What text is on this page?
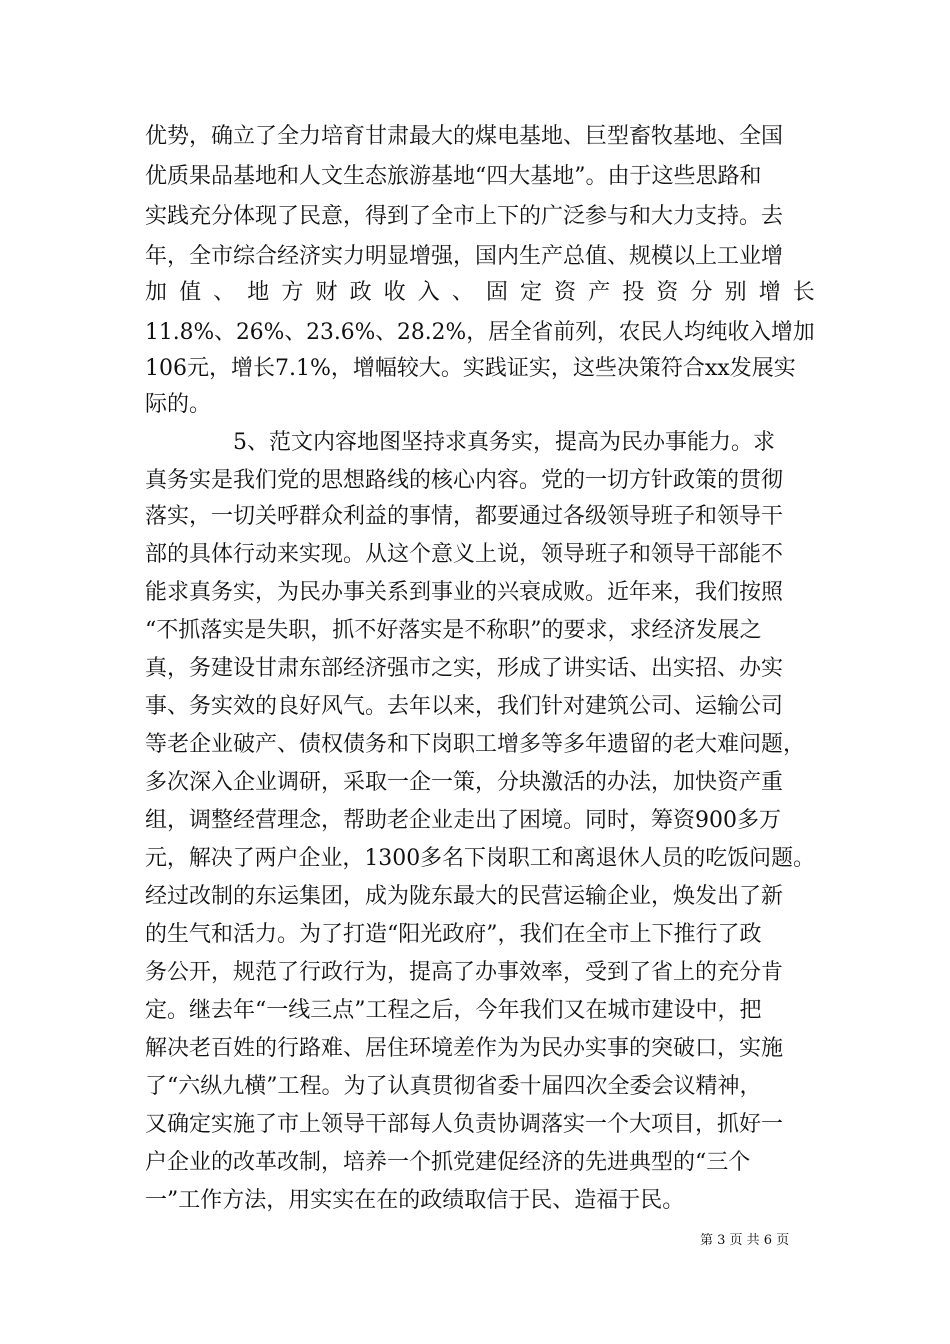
优势，确立了全力培育甘肃最大的煤电基地、巨型畜牧基地、全国
优质果品基地和人文生态旅游基地“四大基地”。由于这些思路和
实践充分体现了民意，得到了全市上下的广泛参与和大力支持。去
年，全市综合经济实力明显增强，国内生产总值、规模以上工业增
加 值 、 地 方 财 政 收 入 、 固 定 资 产 投 资 分 别 增 长
11.8%、26%、23.6%、28.2%，居全省前列，农民人均纯收入增加
106元，增长7.1%，增幅较大。实践证实，这些决策符合xx发展实
际的。
　　　　5、范文内容地图坚持求真务实，提高为民办事能力。求
真务实是我们党的思想路线的核心内容。党的一切方针政策的贯彻
落实，一切关呼群众利益的事情，都要通过各级领导班子和领导干
部的具体行动来实现。从这个意义上说，领导班子和领导干部能不
能求真务实，为民办事关系到事业的兴衰成败。近年来，我们按照
“不抓落实是失职，抓不好落实是不称职”的要求，求经济发展之
真，务建设甘肃东部经济强市之实，形成了讲实话、出实招、办实
事、务实效的良好风气。去年以来，我们针对建筑公司、运输公司
等老企业破产、债权债务和下岗职工增多等多年遗留的老大难问题，
多次深入企业调研，采取一企一策，分块激活的办法，加快资产重
组，调整经营理念，帮助老企业走出了困境。同时，筹资900多万
元，解决了两户企业，1300多名下岗职工和离退休人员的吃饭问题。
经过改制的东运集团，成为陇东最大的民营运输企业，焕发出了新
的生气和活力。为了打造“阳光政府”，我们在全市上下推行了政
务公开，规范了行政行为，提高了办事效率，受到了省上的充分肯
定。继去年“一线三点”工程之后，今年我们又在城市建设中，把
解决老百姓的行路难、居住环境差作为为民办实事的突破口，实施
了“六纵九横”工程。为了认真贯彻省委十届四次全委会议精神，
又确定实施了市上领导干部每人负责协调落实一个大项目，抓好一
户企业的改革改制，培养一个抓党建促经济的先进典型的“三个
一”工作方法，用实实在在的政绩取信于民、造福于民。
第 3 页 共 6 页
